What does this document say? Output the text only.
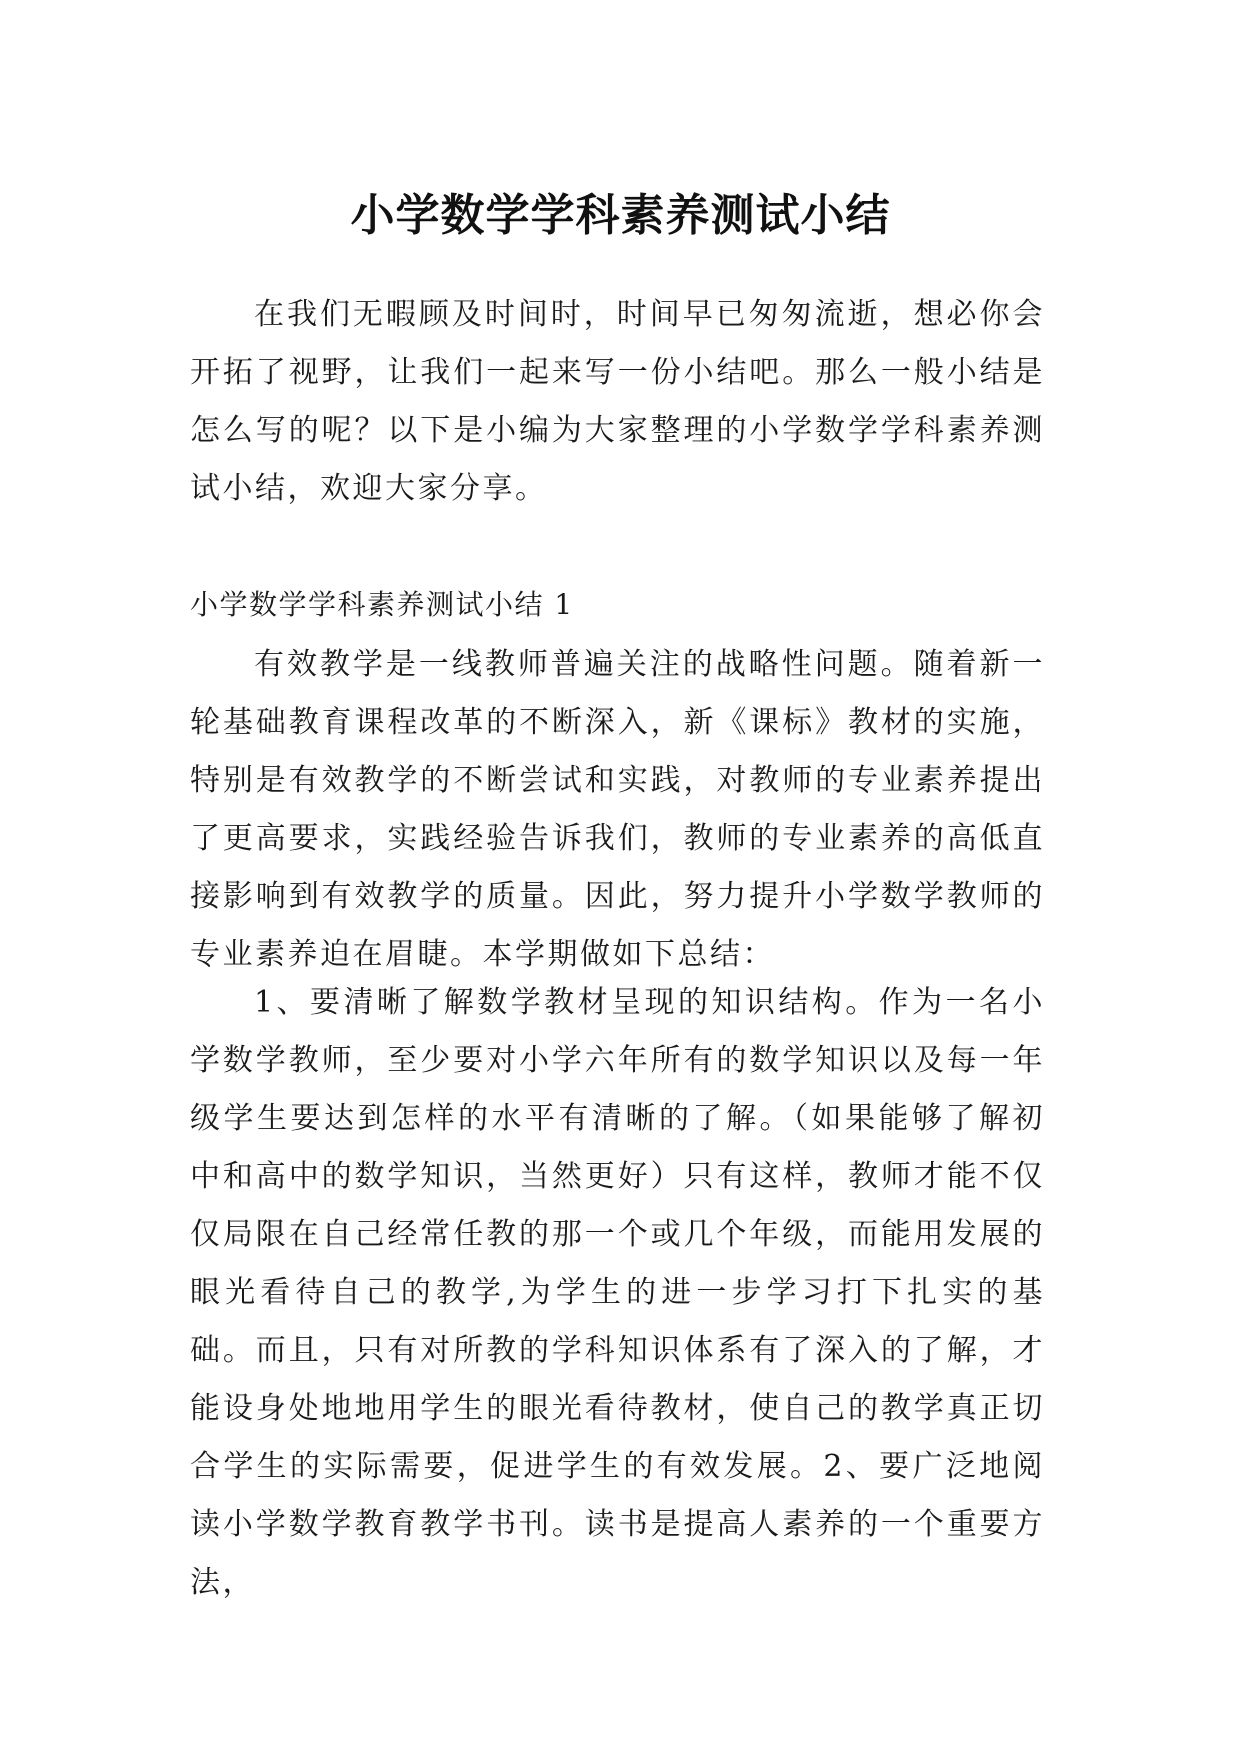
小学数学学科素养测试小结

在我们无暇顾及时间时，时间早已匆匆流逝，想必你会开拓了视野，让我们一起来写一份小结吧。那么一般小结是怎么写的呢？以下是小编为大家整理的小学数学学科素养测试小结，欢迎大家分享。

小学数学学科素养测试小结 1

有效教学是一线教师普遍关注的战略性问题。随着新一轮基础教育课程改革的不断深入，新《课标》教材的实施，特别是有效教学的不断尝试和实践，对教师的专业素养提出了更高要求，实践经验告诉我们，教师的专业素养的高低直接影响到有效教学的质量。因此，努力提升小学数学教师的专业素养迫在眉睫。本学期做如下总结：

1、要清晰了解数学教材呈现的知识结构。作为一名小学数学教师，至少要对小学六年所有的数学知识以及每一年级学生要达到怎样的水平有清晰的了解。（如果能够了解初中和高中的数学知识，当然更好）只有这样，教师才能不仅仅局限在自己经常任教的那一个或几个年级，而能用发展的眼光看待自己的教学,为学生的进一步学习打下扎实的基础。而且，只有对所教的学科知识体系有了深入的了解，才能设身处地地用学生的眼光看待教材，使自己的教学真正切合学生的实际需要，促进学生的有效发展。2、要广泛地阅读小学数学教育教学书刊。读书是提高人素养的一个重要方法，
